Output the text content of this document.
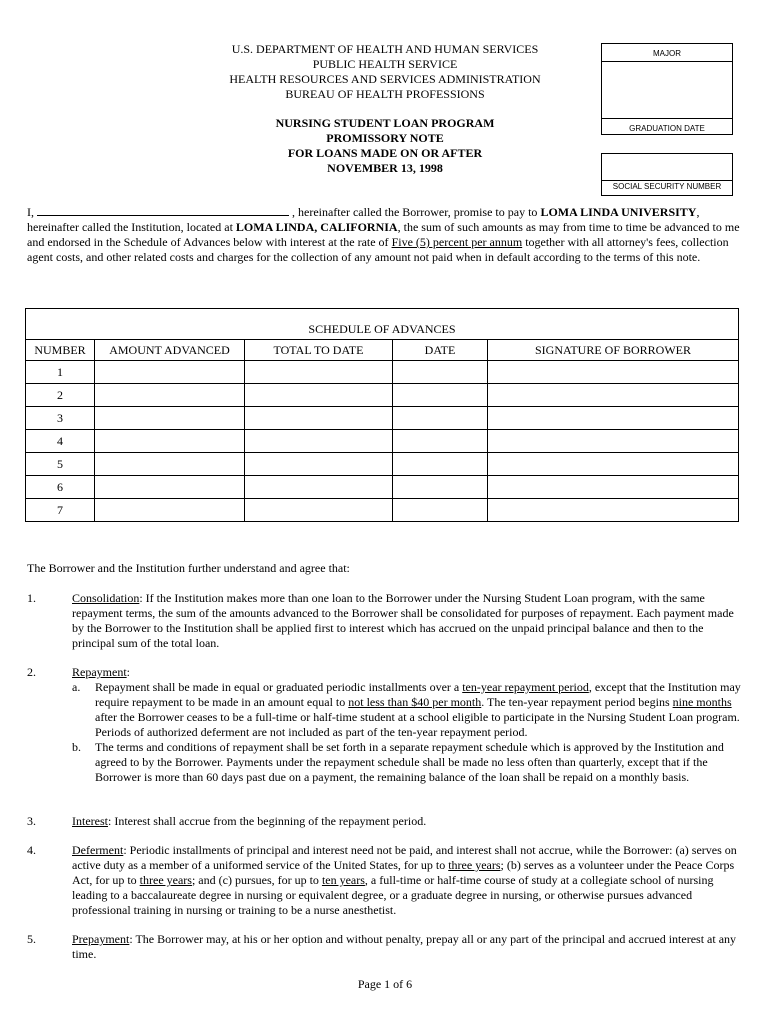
U.S. DEPARTMENT OF HEALTH AND HUMAN SERVICES
PUBLIC HEALTH SERVICE
HEALTH RESOURCES AND SERVICES ADMINISTRATION
BUREAU OF HEALTH PROFESSIONS
NURSING STUDENT LOAN PROGRAM
PROMISSORY NOTE
FOR LOANS MADE ON OR AFTER
NOVEMBER 13, 1998
MAJOR
GRADUATION DATE
SOCIAL SECURITY NUMBER
I,	, hereinafter called the Borrower, promise to pay to LOMA LINDA UNIVERSITY, hereinafter called the Institution, located at LOMA LINDA, CALIFORNIA, the sum of such amounts as may from time to time be advanced to me and endorsed in the Schedule of Advances below with interest at the rate of Five (5) percent per annum together with all attorney's fees, collection agent costs, and other related costs and charges for the collection of any amount not paid when in default according to the terms of this note.
SCHEDULE OF ADVANCES				
NUMBER	AMOUNT ADVANCED	TOTAL TO DATE	DATE	SIGNATURE OF BORROWER
1				
2				
3				
4				
5				
6				
7				
The Borrower and the Institution further understand and agree that:
1.	Consolidation: If the Institution makes more than one loan to the Borrower under the Nursing Student Loan program, with the same repayment terms, the sum of the amounts advanced to the Borrower shall be consolidated for purposes of repayment. Each payment made by the Borrower to the Institution shall be applied first to interest which has accrued on the unpaid principal balance and then to the principal sum of the total loan.
2.	Repayment:
a. Repayment shall be made in equal or graduated periodic installments over a ten-year repayment period, except that the Institution may require repayment to be made in an amount equal to not less than $40 per month. The ten-year repayment period begins nine months after the Borrower ceases to be a full-time or half-time student at a school eligible to participate in the Nursing Student Loan program. Periods of authorized deferment are not included as part of the ten-year repayment period.
b. The terms and conditions of repayment shall be set forth in a separate repayment schedule which is approved by the Institution and agreed to by the Borrower. Payments under the repayment schedule shall be made no less often than quarterly, except that if the Borrower is more than 60 days past due on a payment, the remaining balance of the loan shall be repaid on a monthly basis.
3.	Interest: Interest shall accrue from the beginning of the repayment period.
4.	Deferment: Periodic installments of principal and interest need not be paid, and interest shall not accrue, while the Borrower: (a) serves on active duty as a member of a uniformed service of the United States, for up to three years; (b) serves as a volunteer under the Peace Corps Act, for up to three years; and (c) pursues, for up to ten years, a full-time or half-time course of study at a collegiate school of nursing leading to a baccalaureate degree in nursing or equivalent degree, or a graduate degree in nursing, or otherwise pursues advanced professional training in nursing or training to be a nurse anesthetist.
5.	Prepayment: The Borrower may, at his or her option and without penalty, prepay all or any part of the principal and accrued interest at any time.
Page 1 of 6
